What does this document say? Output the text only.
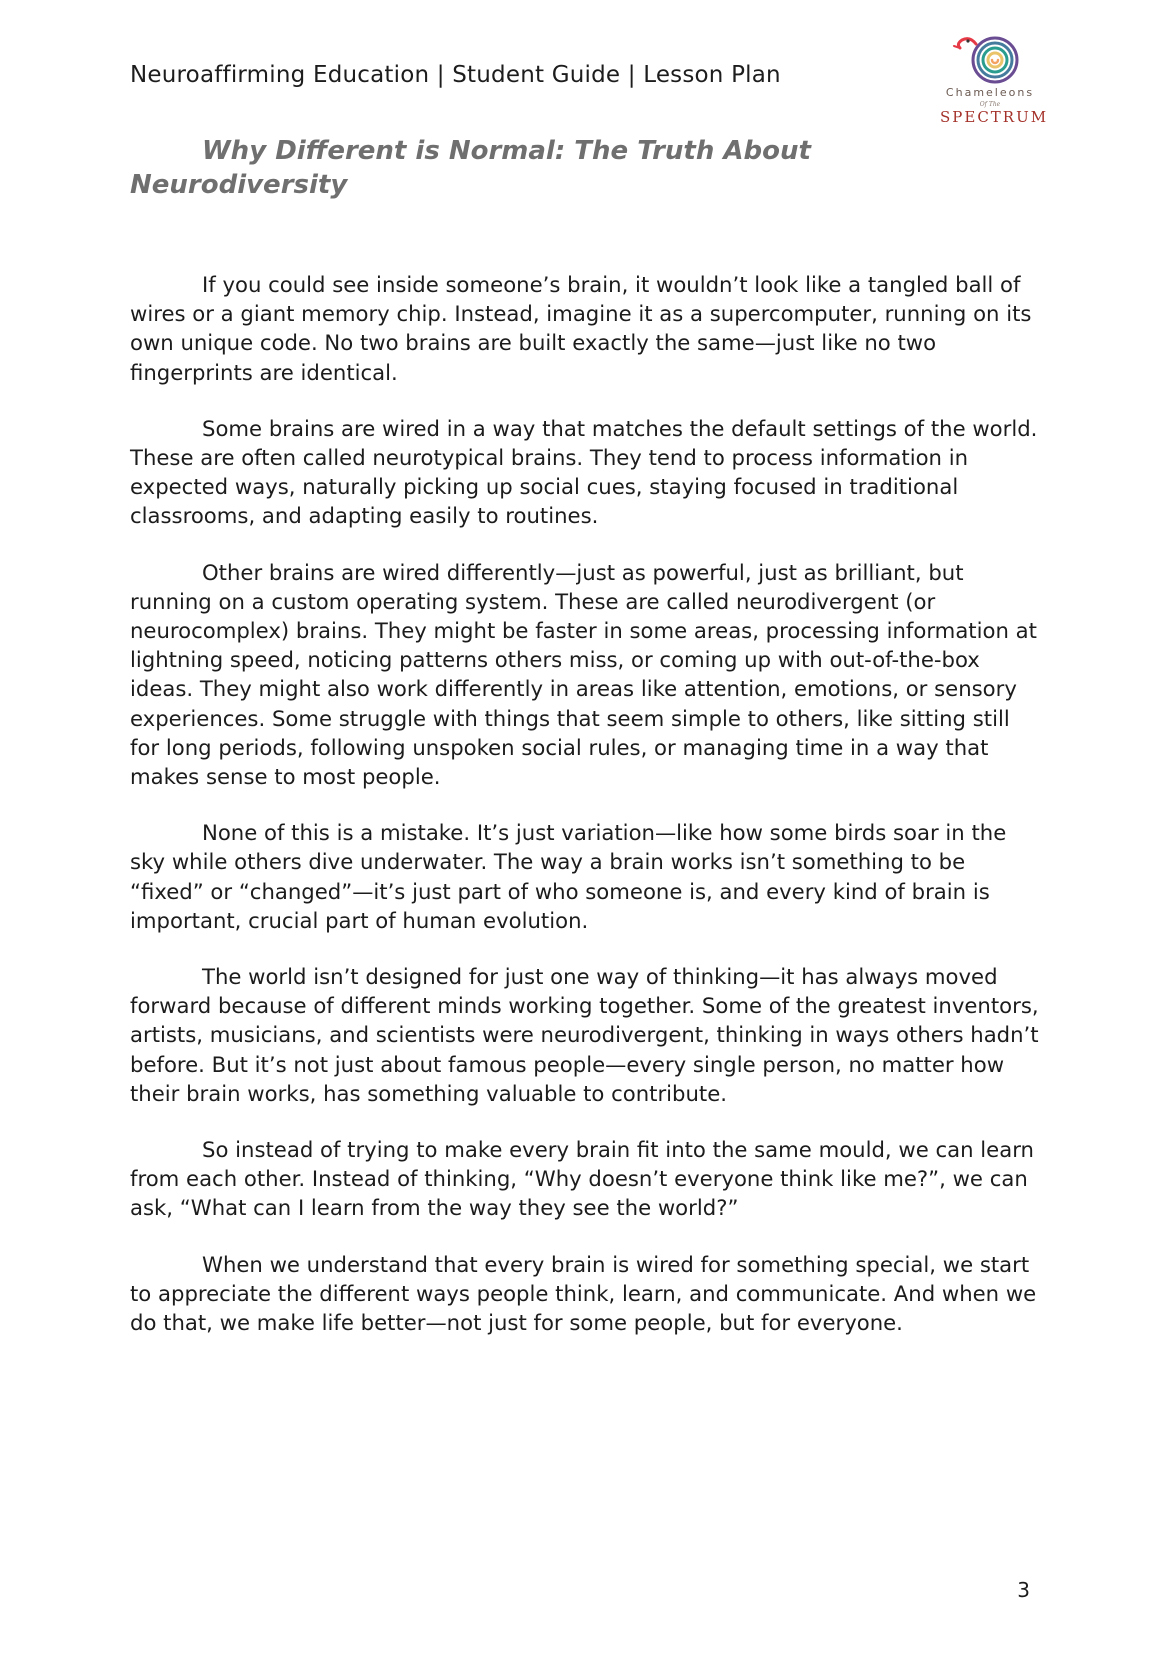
Neuroaffirming Education | Student Guide | Lesson Plan
Chameleons
Of The
SPECTRUM
Why Different is Normal: The Truth About Neurodiversity

If you could see inside someone’s brain, it wouldn’t look like a tangled ball of wires or a giant memory chip. Instead, imagine it as a supercomputer, running on its own unique code. No two brains are built exactly the same—just like no two fingerprints are identical.

Some brains are wired in a way that matches the default settings of the world. These are often called neurotypical brains. They tend to process information in expected ways, naturally picking up social cues, staying focused in traditional classrooms, and adapting easily to routines.

Other brains are wired differently—just as powerful, just as brilliant, but running on a custom operating system. These are called neurodivergent (or neurocomplex) brains. They might be faster in some areas, processing information at lightning speed, noticing patterns others miss, or coming up with out-of-the-box ideas. They might also work differently in areas like attention, emotions, or sensory experiences. Some struggle with things that seem simple to others, like sitting still for long periods, following unspoken social rules, or managing time in a way that makes sense to most people.

None of this is a mistake. It’s just variation—like how some birds soar in the sky while others dive underwater. The way a brain works isn’t something to be “fixed” or “changed”—it’s just part of who someone is, and every kind of brain is important, crucial part of human evolution.

The world isn’t designed for just one way of thinking—it has always moved forward because of different minds working together. Some of the greatest inventors, artists, musicians, and scientists were neurodivergent, thinking in ways others hadn’t before. But it’s not just about famous people—every single person, no matter how their brain works, has something valuable to contribute.

So instead of trying to make every brain fit into the same mould, we can learn from each other. Instead of thinking, “Why doesn’t everyone think like me?”, we can ask, “What can I learn from the way they see the world?”

When we understand that every brain is wired for something special, we start to appreciate the different ways people think, learn, and communicate. And when we do that, we make life better—not just for some people, but for everyone.

3
